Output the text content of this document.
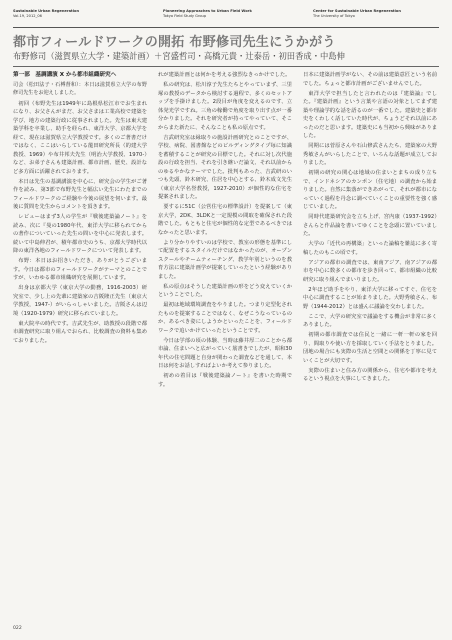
Sustainable Urban Regeneration
Vol.19, 2012_06
Pioneering Approaches to Urban Field Work
Tokyo Field Study Group
Center for Sustainable Urban Regeneration
The University of Tokyo
都市フィールドワークの開拓 布野修司先生にうかがう
布野修司（滋賀県立大学・建築計画）＋宮盛哲司・高橋元貴・辻泰岳・初田香成・中島伸
第一部　基調講演 X から都市組織研究へ
司会（松田法子・石榑督和）：本日は滋賀県立大学の布野修司先生をお迎えしました。

初回（布野先生は1949年に島根県松江市でお生まれになり、お父さんがまだ、お父さまは工業高校で建築を学び、地方の建築行政に従事されました。先生は東大建築学科を卒業し、助手を経られ、東洋大学、京都大学を経て、現在は滋賀県立大学教授です。多くのご著書だけではなく、ここはいらしている龍田研究所長（的建大学教授、1969）や布井邦夫先生（明治大学教授、1970-）など、お弟子さんも建築計画、都市計画、歴史、設計など多方面に活躍されております。

本日は先生の基調講演を中心に、研究会の学生がご著作を読み、第3部で布野先生と幅広い先生にわたまでのフィールドワークのご経験や今後の展望を伺います。最後に質問を先生からコメントを頂きます。

レビューはまず3人の学生が『戦後建築論ノート』を読み、次に『曼の1980年代、東洋大学に移られてからの著作についていった先生の問いを中心に発表します。続いて中島伸君が、積年都市史のうち、京都大学時代以降の東洋各地のフィールドワークについて発表します。

布野：本日はお招きいただき、ありがとうございます。今日は都市のフィールドワークがテーマとのことですが、いわゆる都市組織研究を展開しています。

出身は京都大学（東京大学の勤務，1916-2003）研究室で、少し上の先輩に建築家の吉阪隆正先生（東京大学教授，1947-）がいらっしゃいました。吉阪さんは辺境（1920-1979）研究に移られていました。

東大院卒の時代です。吉武先生が、助教授の段階で都市調査研究に取り組んでおられ、比較調査の資料も集めておりました。

れが建築計画とは何かを考える強烈なきっかけでした。

私の研究は、松川淳子先生たちとやっていまず、三里塚の教授のデータから検討する過程で、多くのセットアップを手掛けました。2段目が角度を変えるのです、立体発光学ですね。三角の稼働で角度を取り出す点が一番分かりました。それを研究者が持ってやっていて、そこからまた新たに、そんなことも私の原点です。

吉武研究室は縁取りの施設計画研究とのことですが、学校、病院、図書館などのビルディングタイプ毎に知識を蓄積することが研究の目標でした。それに対し次代施設の行政を担当、それを引き継いだ論文、それ以前からのゆるやかなテーマでした。批判もあった、吉武研のいつも先頭、鈴木研究、住居を中心とする、鈴木成文先生（東京大学名誉教授，1927-2010）が個性的な住宅を提案されました。

要するに51C（公営住宅の標準設計）を提案して（東京大学，2DK、3LDKと一定規模の間取を確保された段階でした。もともと住宅が個性的な定型であるべきではなかったと思います。

より分かりやすいのは学校で、教室の形態を基準にして配置をするスタイルだけではなかったのが、オープンスクールやチームティーチング、教学年別というのを教育方法に建築計画学が提案していったという経験がありました。

私の原点はそうした建築計画の形をどう変えていくかということでした。

最初は地域環境調査をやりました。つまり定型化されたものを提案することではなく、なぜこうなっているのか、あるべき姿にしようかといったことを、フィールドワークで追いかけていったということです。

今日は学部の頃の体験、当時は藤井厚二のことから都市論、住まいへと広がっていく筋書きでしたが、昭和30年代の住宅問題と自身が関わった調査などを通して、本日は何をお話しすればよいか考えて参りました。

初めの着目は『戦後建築論ノート』を書いた時期です。

日本に建築計画学がない、その前は建築意匠という名前でした。ちょっと都市計画がございませんでした。

東洋大学で担当したと言われたのは『建築論』でした。『建築計画』という言葉や言語の対象としてまず建築や理論学的な話を語るのが一番でした。建築史と都市史をくわしく話していた時代が、ちょうどそれ以前にあったのだと思います。建築史にも当初から興味がありました。

同期には菅原さんや石山修武さんたち、建築家の大野秀敏さんがいらしたことで、いろんな話題が成立しておりました。

初期の研究の関心は地域の住まいとまちの成り立ちで、インドネシアのカンポン（住宅地）の調査から始まりました。自然に集落ができあがって、それが都市になっていく過程を丹念に調べていくことの重要性を強く感じていました。

同時代建築研究会を立ち上げ、宮内康（1937-1992）さんらと作品論を書いてゆくことを念頭に置いていました。

大学の「近代の再構築」といった論稿を雑誌に多く寄稿したのもこの頃です。

アジアの都市の調査では、東南アジア、南アジアの都市を中心に数多くの都市を歩き回って、都市組織の比較研究に取り組んでまいりました。

2年ほど助手をやり、東洋大学に移ってすぐ、住宅を中心に調査することが始まりました。大野秀敏さん、布野（1944-2012）とは盛んに議論を交わしました。

ここで、大学の研究室で議論をする機会が非常に多くありました。

初期の都市調査では住民と一緒に一軒一軒の家を回り、間取りや使い方を採取していく手法をとりました。団地の場合にも実際の生活と空間との関係を丁寧に見ていくことが大切です。

実際の住まいと住み方の関係から、住宅や都市を考えるという視点を大事にしてきました。

022
